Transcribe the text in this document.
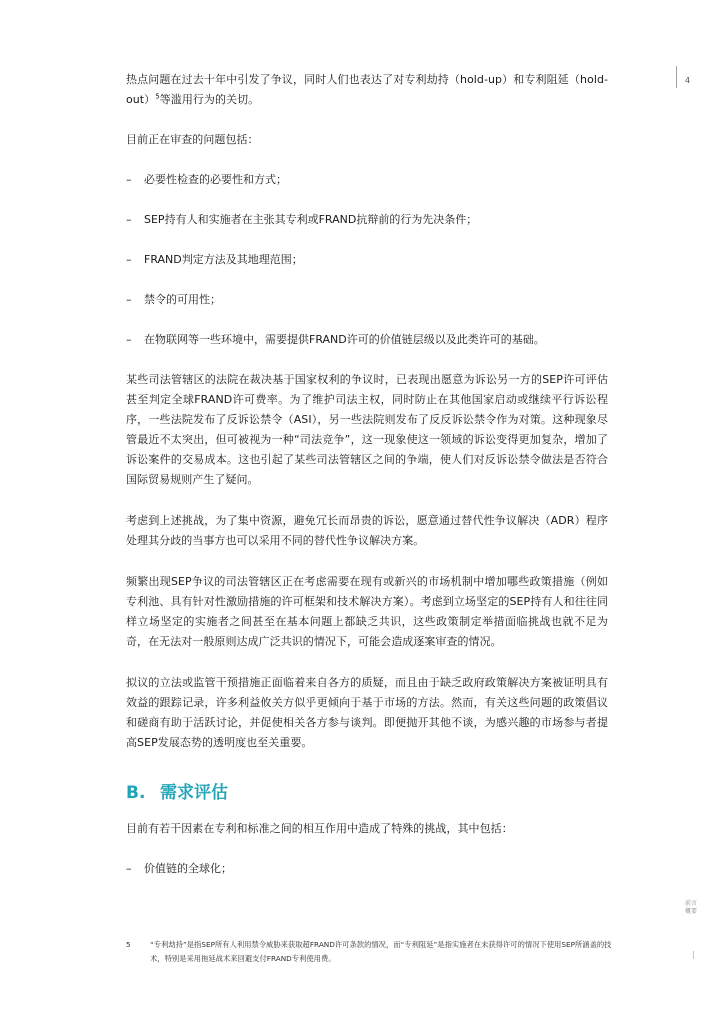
4

热点问题在过去十年中引发了争议，同时人们也表达了对专利劫持（hold-up）和专利阻延（hold-out）$^5$等滥用行为的关切。

目前正在审查的问题包括：

–	必要性检查的必要性和方式；
–	SEP持有人和实施者在主张其专利或FRAND抗辩前的行为先决条件；
–	FRAND判定方法及其地理范围；
–	禁令的可用性；
–	在物联网等一些环境中，需要提供FRAND许可的价值链层级以及此类许可的基础。

某些司法管辖区的法院在裁决基于国家权利的争议时，已表现出愿意为诉讼另一方的SEP许可评估甚至判定全球FRAND许可费率。为了维护司法主权，同时防止在其他国家启动或继续平行诉讼程序，一些法院发布了反诉讼禁令（ASI），另一些法院则发布了反反诉讼禁令作为对策。这种现象尽管最近不太突出，但可被视为一种“司法竞争”，这一现象使这一领域的诉讼变得更加复杂，增加了诉讼案件的交易成本。这也引起了某些司法管辖区之间的争端，使人们对反诉讼禁令做法是否符合国际贸易规则产生了疑问。

考虑到上述挑战，为了集中资源，避免冗长而昂贵的诉讼，愿意通过替代性争议解决（ADR）程序处理其分歧的当事方也可以采用不同的替代性争议解决方案。

频繁出现SEP争议的司法管辖区正在考虑需要在现有或新兴的市场机制中增加哪些政策措施（例如专利池、具有针对性激励措施的许可框架和技术解决方案）。考虑到立场坚定的SEP持有人和往往同样立场坚定的实施者之间甚至在基本问题上都缺乏共识，这些政策制定举措面临挑战也就不足为奇，在无法对一般原则达成广泛共识的情况下，可能会造成逐案审查的情况。

拟议的立法或监管干预措施正面临着来自各方的质疑，而且由于缺乏政府政策解决方案被证明具有效益的跟踪记录，许多利益攸关方似乎更倾向于基于市场的方法。然而，有关这些问题的政策倡议和磋商有助于活跃讨论，并促使相关各方参与谈判。即便抛开其他不谈，为感兴趣的市场参与者提高SEP发展态势的透明度也至关重要。

B. 需求评估

目前有若干因素在专利和标准之间的相互作用中造成了特殊的挑战，其中包括：

–	价值链的全球化；
前言概要
|
5	“专利劫持”是指SEP所有人利用禁令威胁来获取超FRAND许可条款的情况，而“专利阻延”是指实施者在未获得许可的情况下使用SEP所涵盖的技术，特别是采用拖延战术来回避支付FRAND专利使用费。
